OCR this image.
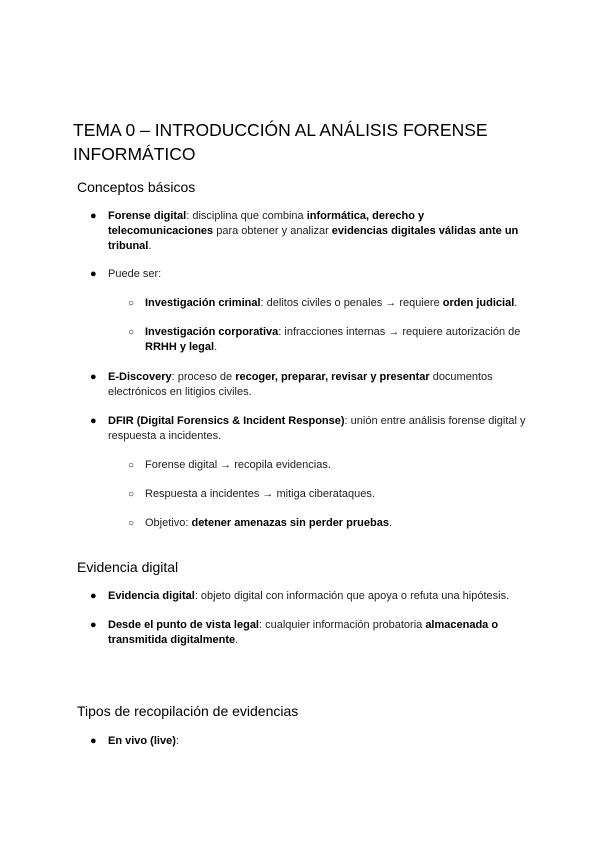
TEMA 0 – INTRODUCCIÓN AL ANÁLISIS FORENSE INFORMÁTICO
Conceptos básicos
● Forense digital: disciplina que combina informática, derecho y telecomunicaciones para obtener y analizar evidencias digitales válidas ante un tribunal.
● Puede ser:
○ Investigación criminal: delitos civiles o penales → requiere orden judicial.
○ Investigación corporativa: infracciones internas → requiere autorización de RRHH y legal.
● E-Discovery: proceso de recoger, preparar, revisar y presentar documentos electrónicos en litigios civiles.
● DFIR (Digital Forensics & Incident Response): unión entre análisis forense digital y respuesta a incidentes.
○ Forense digital → recopila evidencias.
○ Respuesta a incidentes → mitiga ciberataques.
○ Objetivo: detener amenazas sin perder pruebas.
Evidencia digital
● Evidencia digital: objeto digital con información que apoya o refuta una hipótesis.
● Desde el punto de vista legal: cualquier información probatoria almacenada o transmitida digitalmente.
Tipos de recopilación de evidencias
● En vivo (live):
